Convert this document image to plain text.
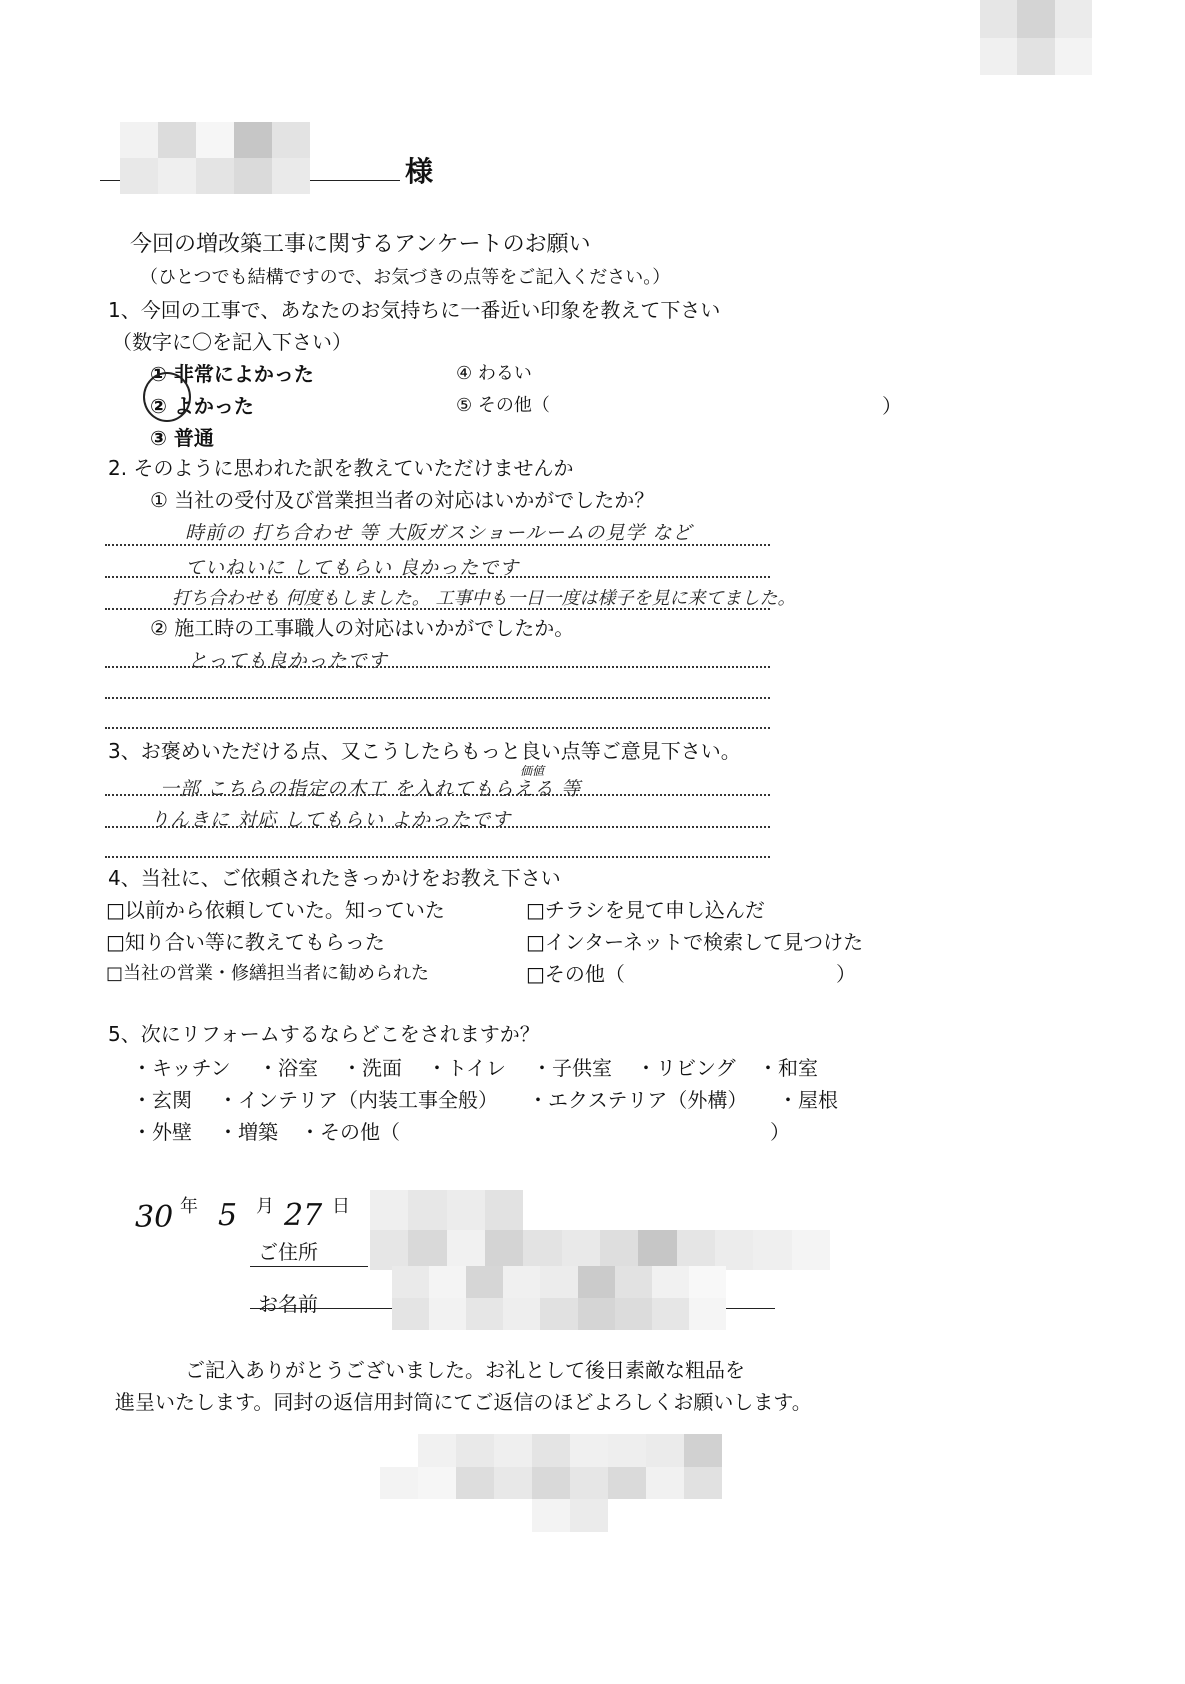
様
今回の増改築工事に関するアンケートのお願い
（ひとつでも結構ですので、お気づきの点等をご記入ください。）
1、今回の工事で、あなたのお気持ちに一番近い印象を教えて下さい
（数字に〇を記入下さい）
① 非常によかった
② よかった
③ 普通
④ わるい
⑤ その他（	）
2. そのように思われた訳を教えていただけませんか
① 当社の受付及び営業担当者の対応はいかがでしたか？
時前の 打ち合わせ 等 大阪ガスショールームの見学 など
ていねいに してもらい 良かったです
打ち合わせも 何度もしました。 工事中も一日一度は様子を見に来てました。
② 施工時の工事職人の対応はいかがでしたか。
とっても良かったです
3、お褒めいただける点、又こうしたらもっと良い点等ご意見下さい。
価値
一部 こちらの指定の木工 を入れてもらえる 等
りんきに 対応 してもらい よかったです
4、当社に、ご依頼されたきっかけをお教え下さい
□以前から依頼していた。知っていた	□チラシを見て申し込んだ
□知り合い等に教えてもらった	□インターネットで検索して見つけた
□当社の営業・修繕担当者に勧められた	□その他（	）
5、次にリフォームするならどこをされますか？
・キッチン ・浴室 ・洗面 ・トイレ ・子供室 ・リビング ・和室
・玄関 ・インテリア（内装工事全般） ・エクステリア（外構） ・屋根
・外壁 ・増築 ・その他（	）
30 年 5 月 27 日
ご住所
お名前
ご記入ありがとうございました。お礼として後日素敵な粗品を
進呈いたします。同封の返信用封筒にてご返信のほどよろしくお願いします。
